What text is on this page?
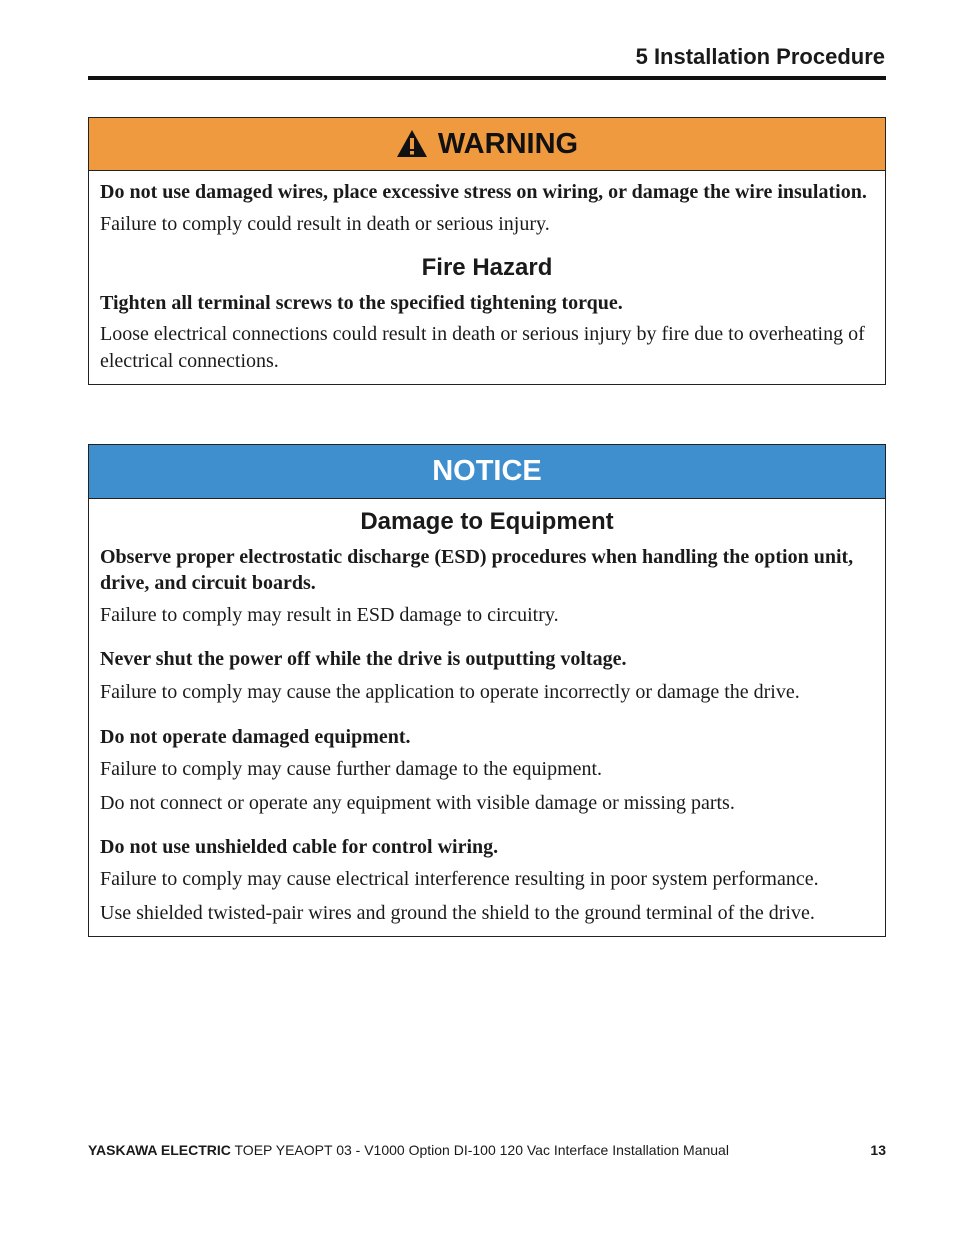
5 Installation Procedure
WARNING

Do not use damaged wires, place excessive stress on wiring, or damage the wire insulation.

Failure to comply could result in death or serious injury.

Fire Hazard

Tighten all terminal screws to the specified tightening torque.

Loose electrical connections could result in death or serious injury by fire due to overheating of electrical connections.

NOTICE

Damage to Equipment

Observe proper electrostatic discharge (ESD) procedures when handling the option unit, drive, and circuit boards.

Failure to comply may result in ESD damage to circuitry.

Never shut the power off while the drive is outputting voltage.

Failure to comply may cause the application to operate incorrectly or damage the drive.

Do not operate damaged equipment.

Failure to comply may cause further damage to the equipment.

Do not connect or operate any equipment with visible damage or missing parts.

Do not use unshielded cable for control wiring.

Failure to comply may cause electrical interference resulting in poor system performance.

Use shielded twisted-pair wires and ground the shield to the ground terminal of the drive.

YASKAWA ELECTRIC TOEP YEAOPT 03 - V1000 Option DI-100 120 Vac Interface Installation Manual	13
